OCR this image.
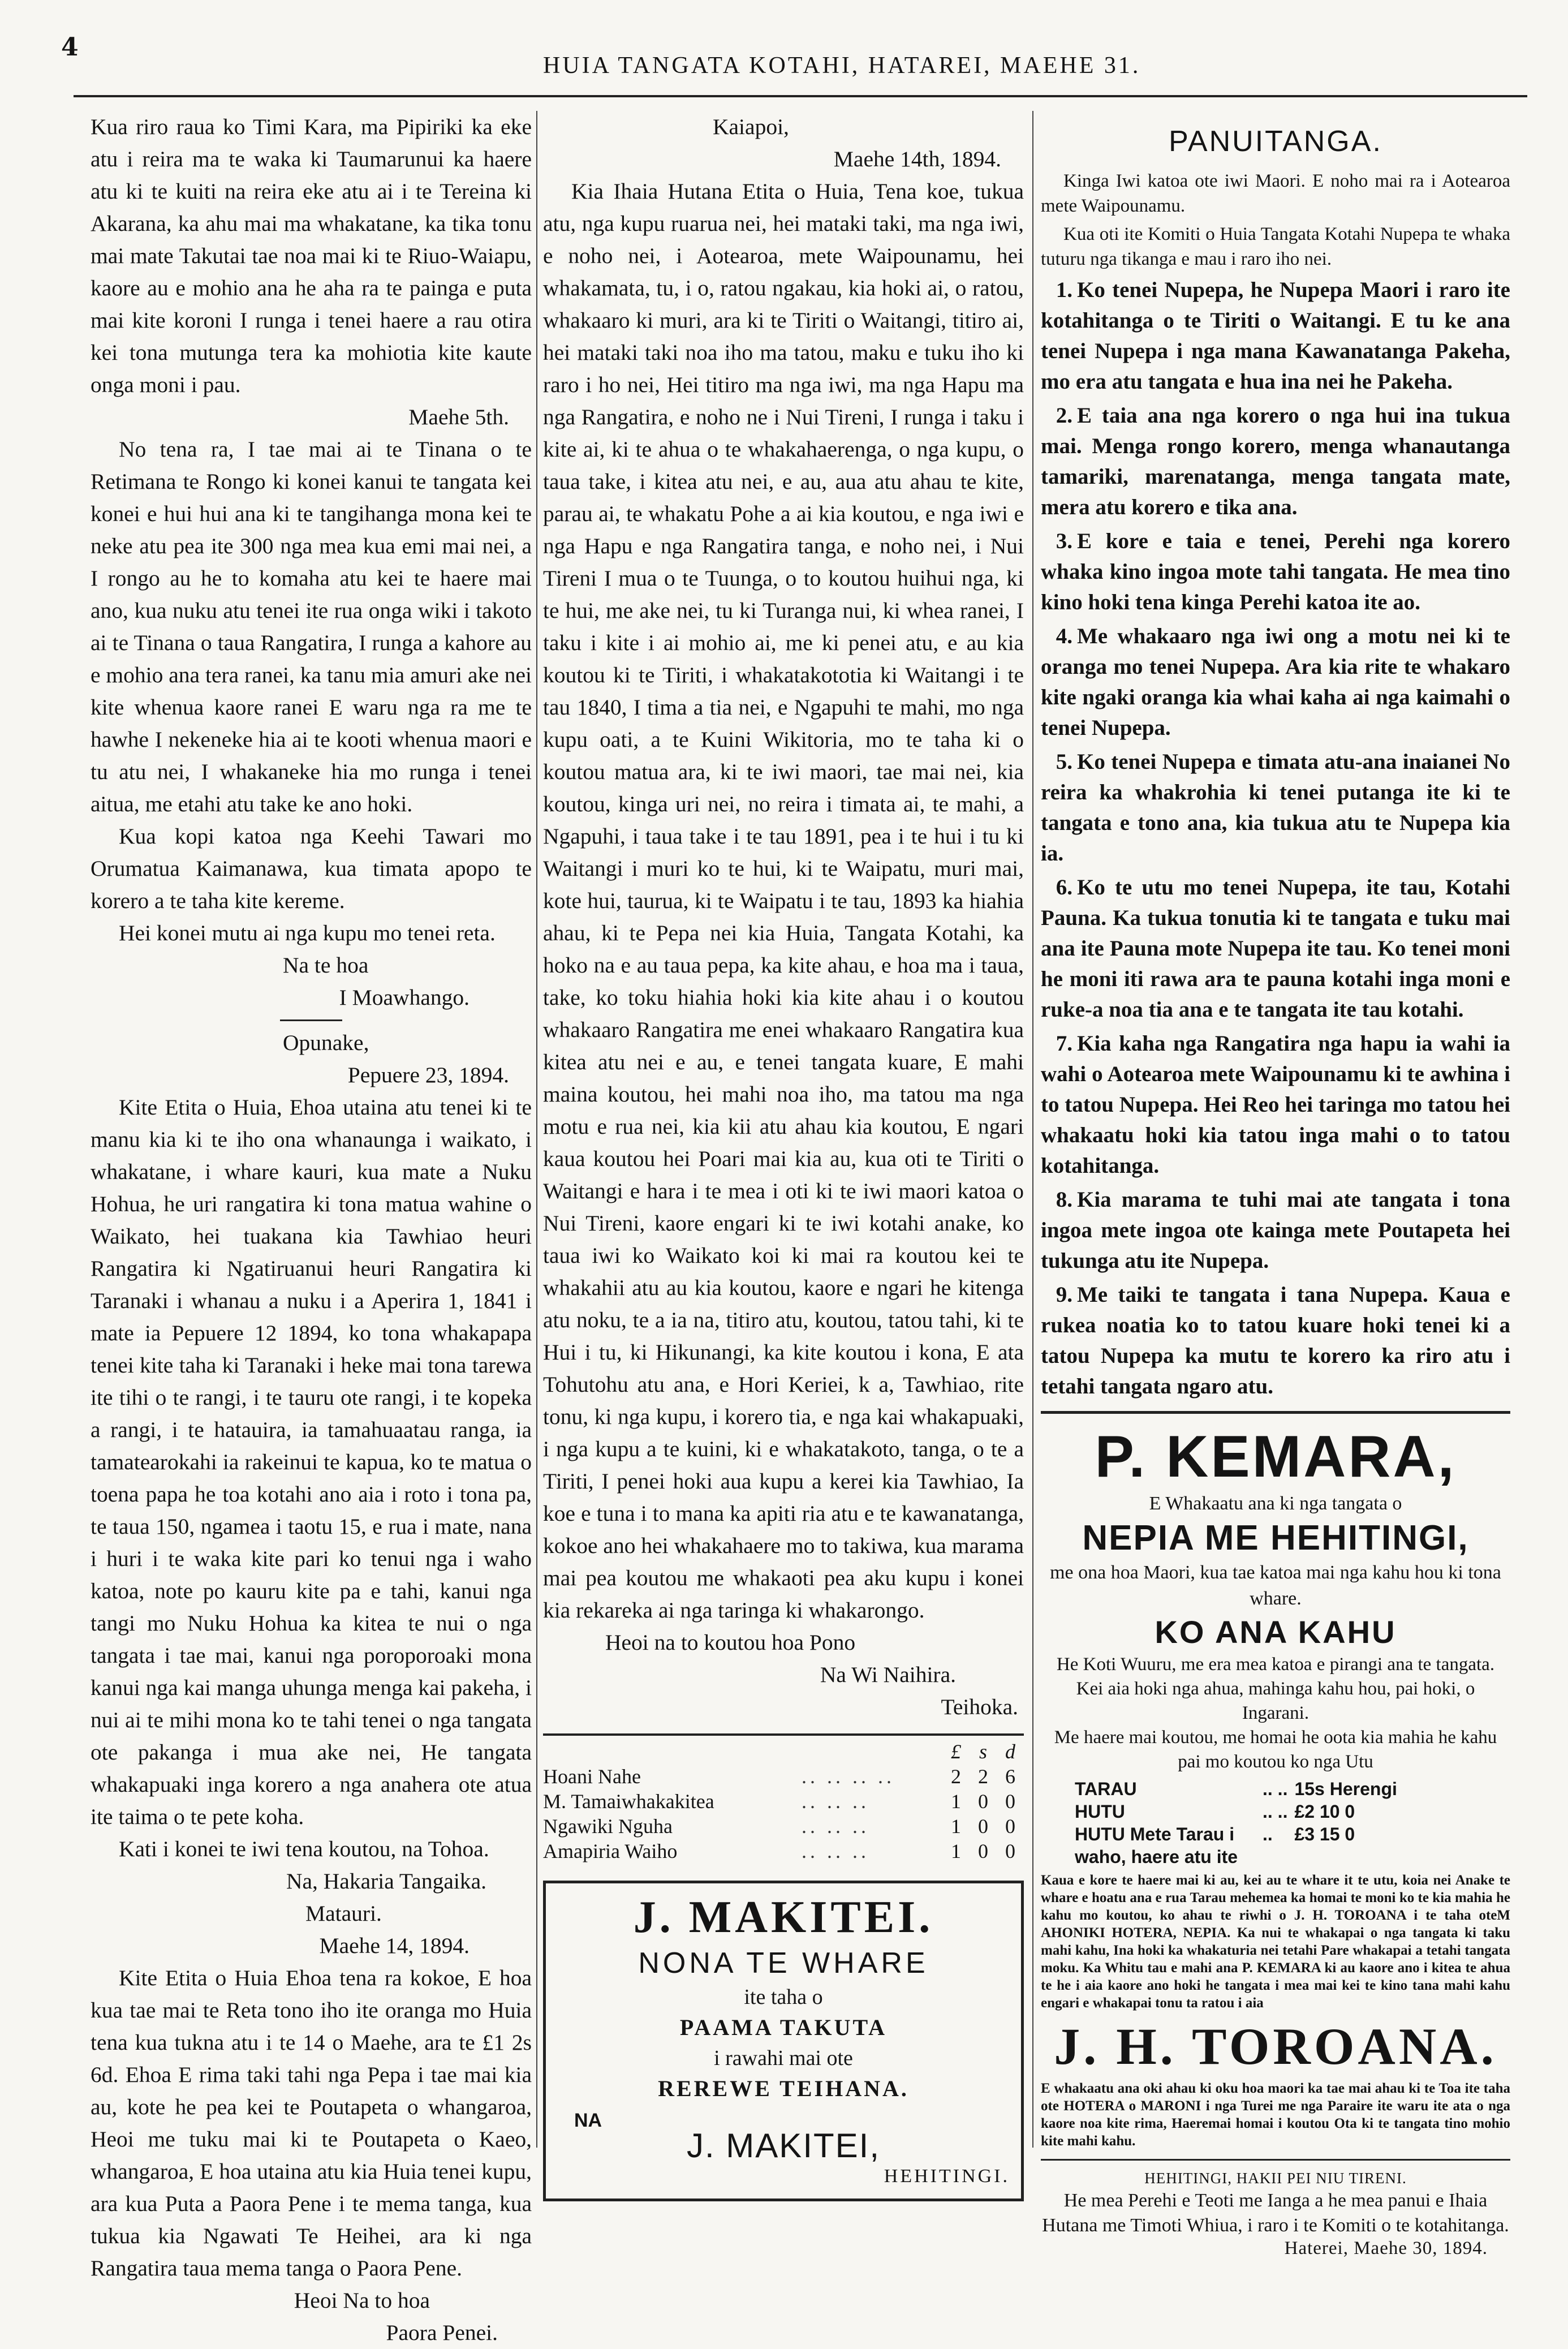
4
HUIA TANGATA KOTAHI, HATAREI, MAEHE 31.

Kua riro raua ko Timi Kara, ma Pipiriki ka eke atu i reira ma te waka ki Taumarunui ka haere atu ki te kuiti na reira eke atu ai i te Tereina ki Akarana, ka ahu mai ma whakatane, ka tika tonu mai mate Takutai tae noa mai ki te Riuo-Waiapu, kaore au e mohio ana he aha ra te painga e puta mai kite koroni I runga i tenei haere a rau otira kei tona mutunga tera ka mohiotia kite kaute onga moni i pau.

Maehe 5th.

No tena ra, I tae mai ai te Tinana o te Retimana te Rongo ki konei kanui te tangata kei konei e hui hui ana ki te tangihanga mona kei te neke atu pea ite 300 nga mea kua emi mai nei, a I rongo au he to komaha atu kei te haere mai ano, kua nuku atu tenei ite rua onga wiki i takoto ai te Tinana o taua Rangatira, I runga a kahore au e mohio ana tera ranei, ka tanu mia amuri ake nei kite whenua kaore ranei E waru nga ra me te hawhe I nekeneke hia ai te kooti whenua maori e tu atu nei, I whakaneke hia mo runga i tenei aitua, me etahi atu take ke ano hoki.

Kua kopi katoa nga Keehi Tawari mo Orumatua Kaimanawa, kua timata apopo te korero a te taha kite kereme.

Hei konei mutu ai nga kupu mo tenei reta.

Na te hoa

I Moawhango.

Opunake,

Pepuere 23, 1894.

Kite Etita o Huia, Ehoa utaina atu tenei ki te manu kia ki te iho ona whanaunga i waikato, i whakatane, i whare kauri, kua mate a Nuku Hohua, he uri rangatira ki tona matua wahine o Waikato, hei tuakana kia Tawhiao heuri Rangatira ki Ngatiruanui heuri Rangatira ki Taranaki i whanau a nuku i a Aperira 1, 1841 i mate ia Pepuere 12 1894, ko tona whakapapa tenei kite taha ki Taranaki i heke mai tona tarewa ite tihi o te rangi, i te tauru ote rangi, i te kopeka a rangi, i te hatauira, ia tamahuaatau ranga, ia tamatearokahi ia rakeinui te kapua, ko te matua o toena papa he toa kotahi ano aia i roto i tona pa, te taua 150, ngamea i taotu 15, e rua i mate, nana i huri i te waka kite pari ko tenui nga i waho katoa, note po kauru kite pa e tahi, kanui nga tangi mo Nuku Hohua ka kitea te nui o nga tangata i tae mai, kanui nga poroporoaki mona kanui nga kai manga uhunga menga kai pakeha, i nui ai te mihi mona ko te tahi tenei o nga tangata ote pakanga i mua ake nei, He tangata whakapuaki inga korero a nga anahera ote atua ite taima o te pete koha.

Kati i konei te iwi tena koutou, na Tohoa.

Na, Hakaria Tangaika.

Matauri.

Maehe 14, 1894.

Kite Etita o Huia Ehoa tena ra kokoe, E hoa kua tae mai te Reta tono iho ite oranga mo Huia tena kua tukna atu i te 14 o Maehe, ara te £1 2s 6d. Ehoa E rima taki tahi nga Pepa i tae mai kia au, kote he pea kei te Poutapeta o whangaroa, Heoi me tuku mai ki te Poutapeta o Kaeo, whangaroa, E hoa utaina atu kia Huia tenei kupu, ara kua Puta a Paora Pene i te mema tanga, kua tukua kia Ngawati Te Heihei, ara ki nga Rangatira taua mema tanga o Paora Pene.

Heoi Na to hoa

Paora Penei.

Kaiapoi,

Maehe 14th, 1894.

Kia Ihaia Hutana Etita o Huia, Tena koe, tukua atu, nga kupu ruarua nei, hei mataki taki, ma nga iwi, e noho nei, i Aotearoa, mete Waipounamu, hei whakamata, tu, i o, ratou ngakau, kia hoki ai, o ratou, whakaaro ki muri, ara ki te Tiriti o Waitangi, titiro ai, hei mataki taki noa iho ma tatou, maku e tuku iho ki raro i ho nei, Hei titiro ma nga iwi, ma nga Hapu ma nga Rangatira, e noho ne i Nui Tireni, I runga i taku i kite ai, ki te ahua o te whakahaerenga, o nga kupu, o taua take, i kitea atu nei, e au, aua atu ahau te kite, parau ai, te whakatu Pohe a ai kia koutou, e nga iwi e nga Hapu e nga Rangatira tanga, e noho nei, i Nui Tireni I mua o te Tuunga, o to koutou huihui nga, ki te hui, me ake nei, tu ki Turanga nui, ki whea ranei, I taku i kite i ai mohio ai, me ki penei atu, e au kia koutou ki te Tiriti, i whakatakototia ki Waitangi i te tau 1840, I tima a tia nei, e Ngapuhi te mahi, mo nga kupu oati, a te Kuini Wikitoria, mo te taha ki o koutou matua ara, ki te iwi maori, tae mai nei, kia koutou, kinga uri nei, no reira i timata ai, te mahi, a Ngapuhi, i taua take i te tau 1891, pea i te hui i tu ki Waitangi i muri ko te hui, ki te Waipatu, muri mai, kote hui, taurua, ki te Waipatu i te tau, 1893 ka hiahia ahau, ki te Pepa nei kia Huia, Tangata Kotahi, ka hoko na e au taua pepa, ka kite ahau, e hoa ma i taua, take, ko toku hiahia hoki kia kite ahau i o koutou whakaaro Rangatira me enei whakaaro Rangatira kua kitea atu nei e au, e tenei tangata kuare, E mahi maina koutou, hei mahi noa iho, ma tatou ma nga motu e rua nei, kia kii atu ahau kia koutou, E ngari kaua koutou hei Poari mai kia au, kua oti te Tiriti o Waitangi e hara i te mea i oti ki te iwi maori katoa o Nui Tireni, kaore engari ki te iwi kotahi anake, ko taua iwi ko Waikato koi ki mai ra koutou kei te whakahii atu au kia koutou, kaore e ngari he kitenga atu noku, te a ia na, titiro atu, koutou, tatou tahi, ki te Hui i tu, ki Hikunangi, ka kite koutou i kona, E ata Tohutohu atu ana, e Hori Keriei, k a, Tawhiao, rite tonu, ki nga kupu, i korero tia, e nga kai whakapuaki, i nga kupu a te kuini, ki e whakatakoto, tanga, o te a Tiriti, I penei hoki aua kupu a kerei kia Tawhiao, Ia koe e tuna i to mana ka apiti ria atu e te kawanatanga, kokoe ano hei whakahaere mo to takiwa, kua marama mai pea koutou me whakaoti pea aku kupu i konei kia rekareka ai nga taringa ki whakarongo.

Heoi na to koutou hoa Pono

Na Wi Naihira.

Teihoka.

		£	s	d
Hoani Nahe	.. .. .. ..	2	2	6
M. Tamaiwhakakitea	.. .. ..	1	0	0
Ngawiki Nguha	.. .. ..	1	0	0
Amapiria Waiho	.. .. ..	1	0	0
J. MAKITEI.
NONA TE WHARE
ite taha o
PAAMA TAKUTA
i rawahi mai ote
REREWE TEIHANA.
NA
J. MAKITEI,
HEHITINGI.
PANUITANGA.

Kinga Iwi katoa ote iwi Maori. E noho mai ra i Aotearoa mete Waipounamu.

Kua oti ite Komiti o Huia Tangata Kotahi Nupepa te whaka tuturu nga tikanga e mau i raro iho nei.

1. Ko tenei Nupepa, he Nupepa Maori i raro ite kotahitanga o te Tiriti o Waitangi. E tu ke ana tenei Nupepa i nga mana Kawanatanga Pakeha, mo era atu tangata e hua ina nei he Pakeha.

2. E taia ana nga korero o nga hui ina tukua mai. Menga rongo korero, menga whanautanga tamariki, marenatanga, menga tangata mate, mera atu korero e tika ana.

3. E kore e taia e tenei, Perehi nga korero whaka kino ingoa mote tahi tangata. He mea tino kino hoki tena kinga Perehi katoa ite ao.

4. Me whakaaro nga iwi ong a motu nei ki te oranga mo tenei Nupepa. Ara kia rite te whakaro kite ngaki oranga kia whai kaha ai nga kaimahi o tenei Nupepa.

5. Ko tenei Nupepa e timata atu-ana inaianei No reira ka whakrohia ki tenei putanga ite ki te tangata e tono ana, kia tukua atu te Nupepa kia ia.

6. Ko te utu mo tenei Nupepa, ite tau, Kotahi Pauna. Ka tukua tonutia ki te tangata e tuku mai ana ite Pauna mote Nupepa ite tau. Ko tenei moni he moni iti rawa ara te pauna kotahi inga moni e ruke-a noa tia ana e te tangata ite tau kotahi.

7. Kia kaha nga Rangatira nga hapu ia wahi ia wahi o Aotearoa mete Waipounamu ki te awhina i to tatou Nupepa. Hei Reo hei taringa mo tatou hei whakaatu hoki kia tatou inga mahi o to tatou kotahitanga.

8. Kia marama te tuhi mai ate tangata i tona ingoa mete ingoa ote kainga mete Poutapeta hei tukunga atu ite Nupepa.

9. Me taiki te tangata i tana Nupepa. Kaua e rukea noatia ko to tatou kuare hoki tenei ki a tatou Nupepa ka mutu te korero ka riro atu i tetahi tangata ngaro atu.

P. KEMARA,
E Whakaatu ana ki nga tangata o
NEPIA ME HEHITINGI,
me ona hoa Maori, kua tae katoa mai nga kahu hou ki tona whare.
KO ANA KAHU
He Koti Wuuru, me era mea katoa e pirangi ana te tangata. Kei aia hoki nga ahua, mahinga kahu hou, pai hoki, o Ingarani.
Me haere mai koutou, me homai he oota kia mahia he kahu pai mo koutou ko nga Utu
TARAU	.. ..	15s Herengi
HUTU	.. ..	£2 10 0
HUTU Mete Tarau i waho, haere atu ite	..	£3 15 0

Kaua e kore te haere mai ki au, kei au te whare it te utu, koia nei Anake te whare e hoatu ana e rua Tarau mehemea ka homai te moni ko te kia mahia he kahu mo koutou, ko ahau te riwhi o J. H. TOROANA i te taha oteM AHONIKI HOTERA, NEPIA. Ka nui te whakapai o nga tangata ki taku mahi kahu, Ina hoki ka whakaturia nei tetahi Pare whakapai a tetahi tangata moku. Ka Whitu tau e mahi ana P. KEMARA ki au kaore ano i kitea te ahua te he i aia kaore ano hoki he tangata i mea mai kei te kino tana mahi kahu engari e whakapai tonu ta ratou i aia

J. H. TOROANA.

E whakaatu ana oki ahau ki oku hoa maori ka tae mai ahau ki te Toa ite taha ote HOTERA o MARONI i nga Turei me nga Paraire ite waru ite ata o nga kaore noa kite rima, Haeremai homai i koutou Ota ki te tangata tino mohio kite mahi kahu.

HEHITINGI, HAKII PEI NIU TIRENI.
He mea Perehi e Teoti me Ianga a he mea panui e Ihaia Hutana me Timoti Whiua, i raro i te Komiti o te kotahitanga.
Haterei, Maehe 30, 1894.
